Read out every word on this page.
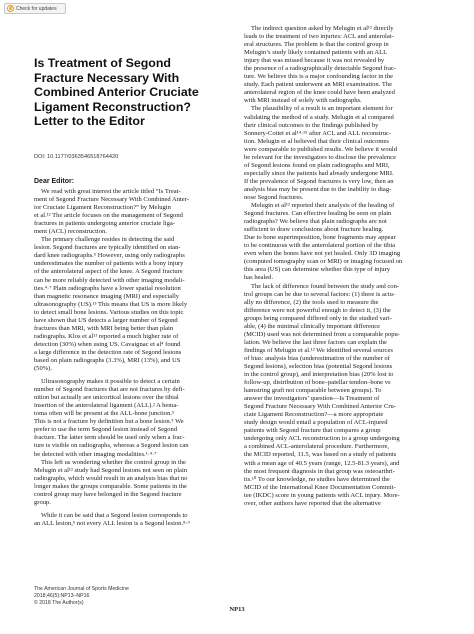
Check for updates
Is Treatment of Segond
Fracture Necessary With
Combined Anterior Cruciate
Ligament Reconstruction?
Letter to the Editor
DOI: 10.1177/0363546518764420
Dear Editor:
We read with great interest the article titled “Is Treat-
ment of Segond Fracture Necessary With Combined Anter-
ior Cruciate Ligament Reconstruction?” by Melugin
et al.¹² The article focuses on the management of Segond
fractures in patients undergoing anterior cruciate liga-
ment (ACL) reconstruction.
The primary challenge resides in detecting the said
lesion. Segond fractures are typically identified on stan-
dard knee radiographs.⁵ However, using only radiographs
underestimates the number of patients with a bony injury
of the anterolateral aspect of the knee. A Segond fracture
can be more reliably detected with other imaging modali-
ties.⁴·⁷ Plain radiographs have a lower spatial resolution
than magnetic resonance imaging (MRI) and especially
ultrasonography (US).¹³ This means that US is more likely
to detect small bone lesions. Various studies on this topic
have shown that US detects a larger number of Segond
fractures than MRI, with MRI being better than plain
radiographs. Klos et al¹¹ reported a much higher rate of
detection (30%) when using US. Cavaignac et al⁴ found
a large difference in the detection rate of Segond lesions
based on plain radiographs (3.3%), MRI (13%), and US
(50%).
Ultrasonography makes it possible to detect a certain
number of Segond fractures that are not fractures by defi-
nition but actually are unicortical lesions over the tibial
insertion of the anterolateral ligament (ALL).² A hema-
toma often will be present at the ALL-bone junction.⁵
This is not a fracture by definition but a bone lesion.⁵ We
prefer to use the term Segond lesion instead of Segond
fracture. The latter term should be used only when a frac-
ture is visible on radiographs, whereas a Segond lesion can
be detected with other imaging modalities.¹·⁴·⁷
This left us wondering whether the control group in the
Melugin et al¹² study had Segond lesions not seen on plain
radiographs, which would result in an analysis bias that no
longer makes the groups comparable. Some patients in the
control group may have belonged in the Segond fracture
group.
While it can be said that a Segond lesion corresponds to
an ALL lesion,⁵ not every ALL lesion is a Segond lesion.⁸·⁹
The indirect question asked by Melugin et al¹² directly
leads to the treatment of two injuries: ACL and anterolat-
eral structures. The problem is that the control group in
Melugin’s study likely contained patients with an ALL
injury that was missed because it was not revealed by
the presence of a radiographically detectable Segond frac-
ture. We believe this is a major confounding factor in the
study. Each patient underwent an MRI examination. The
anterolateral region of the knee could have been analyzed
with MRI instead of solely with radiographs.
The plausibility of a result is an important element for
validating the method of a study. Melugin et al compared
their clinical outcomes to the findings published by
Sonnery-Cottet et al¹⁴·¹⁵ after ACL and ALL reconstruc-
tion. Melugin et al believed that their clinical outcomes
were comparable to published results. We believe it would
be relevant for the investigators to disclose the prevalence
of Segond lesions found on plain radiographs and MRI,
especially since the patients had already undergone MRI.
If the prevalence of Segond fractures is very low, then an
analysis bias may be present due to the inability to diag-
nose Segond fractures.
Melugin et al¹² reported their analysis of the healing of
Segond fractures. Can effective healing be seen on plain
radiographs? We believe that plain radiographs are not
sufficient to draw conclusions about fracture healing.
Due to bone superimposition, bone fragments may appear
to be continuous with the anterolateral portion of the tibia
even when the bones have not yet healed. Only 3D imaging
(computed tomography scan or MRI) or imaging focused on
this area (US) can determine whether this type of injury
has healed.
The lack of difference found between the study and con-
trol groups can be due to several factors: (1) there is actu-
ally no difference, (2) the tools used to measure the
difference were not powerful enough to detect it, (3) the
groups being compared differed only in the studied vari-
able, (4) the minimal clinically important difference
(MCID) used was not determined from a comparable popu-
lation. We believe the last three factors can explain the
findings of Melugin et al.¹² We identified several sources
of bias: analysis bias (underestimation of the number of
Segond lesions), selection bias (potential Segond lesions
in the control group), and interpretation bias (20% lost to
follow-up, distribution of bone–patellar tendon–bone vs
hamstring graft not comparable between groups). To
answer the investigators’ question—Is Treatment of
Segond Fracture Necessary With Combined Anterior Cru-
ciate Ligament Reconstruction?—a more appropriate
study design would entail a population of ACL-injured
patients with Segond fracture that compares a group
undergoing only ACL reconstruction to a group undergoing
a combined ACL-anterolateral procedure. Furthermore,
the MCID reported, 11.5, was based on a study of patients
with a mean age of 40.5 years (range, 12.5-81.3 years), and
the most frequent diagnosis in that group was osteoarthri-
tis.¹⁰ To our knowledge, no studies have determined the
MCID of the International Knee Documentation Commit-
tee (IKDC) score in young patients with ACL injury. More-
over, other authors have reported that the alternative
The American Journal of Sports Medicine
2018;46(5):NP13–NP16
© 2018 The Author(s)
NP13
